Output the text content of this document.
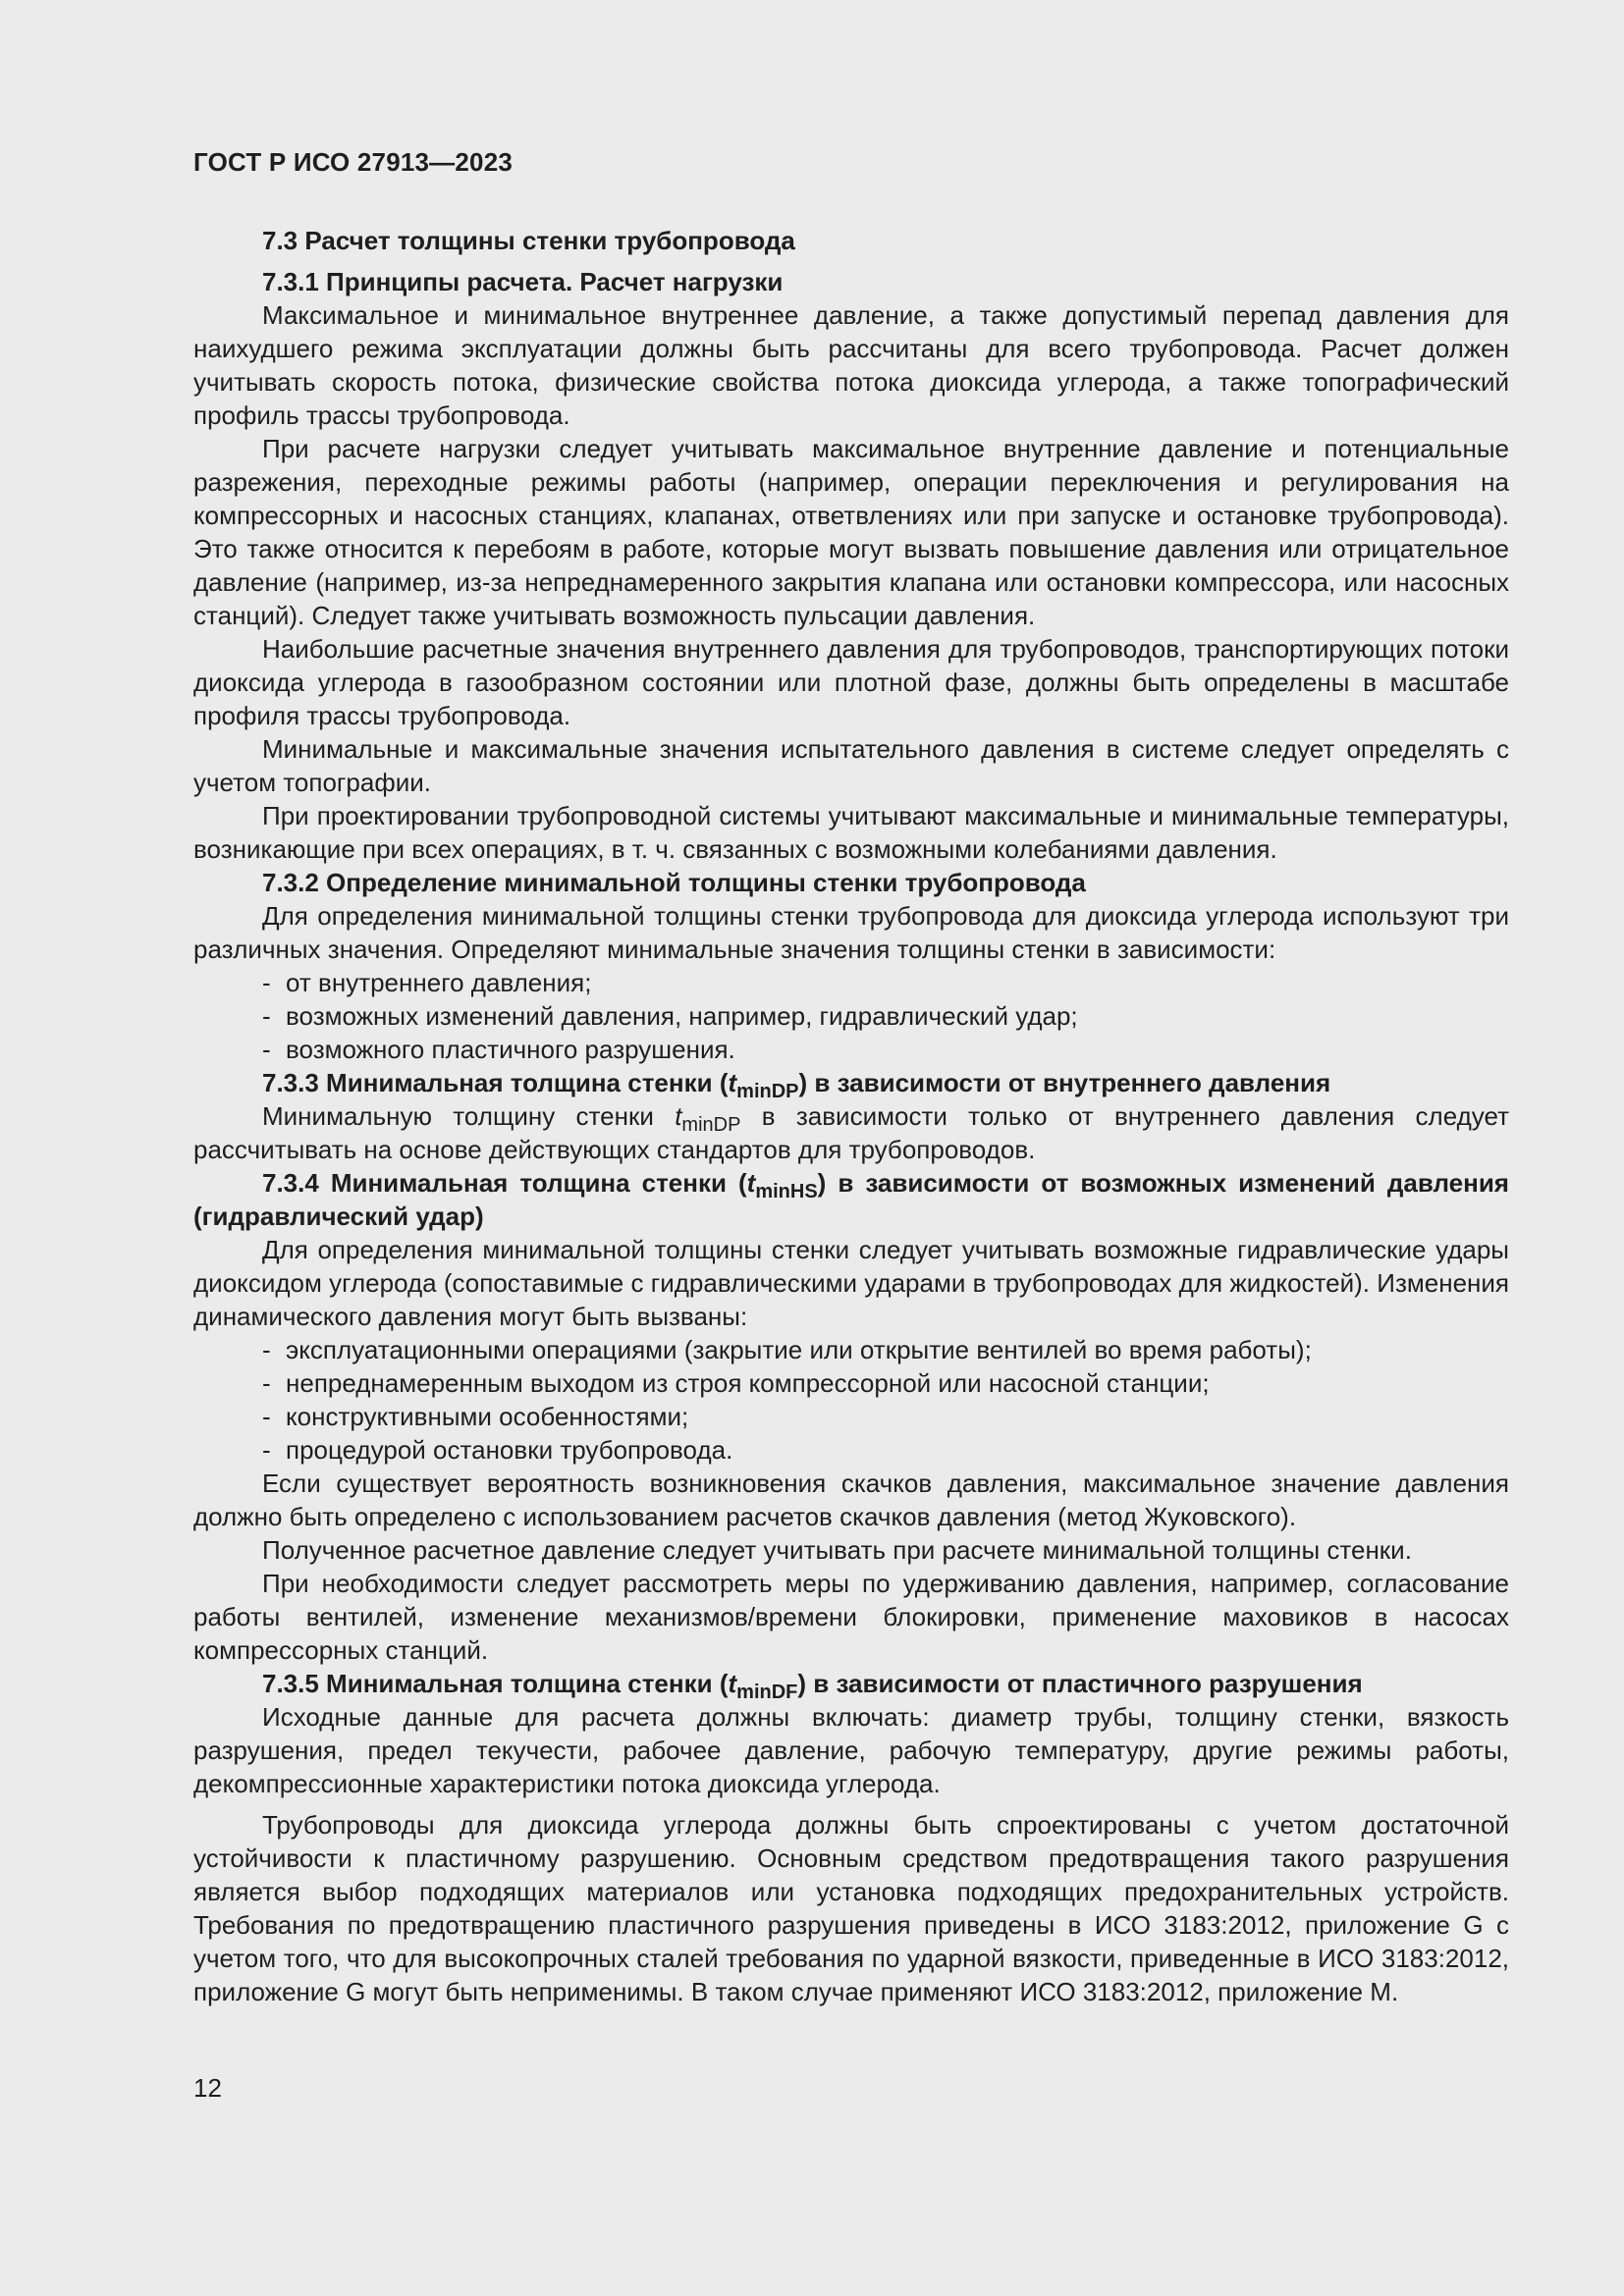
ГОСТ Р ИСО 27913—2023

7.3 Расчет толщины стенки трубопровода

7.3.1 Принципы расчета. Расчет нагрузки

Максимальное и минимальное внутреннее давление, а также допустимый перепад давления для наихудшего режима эксплуатации должны быть рассчитаны для всего трубопровода. Расчет должен учитывать скорость потока, физические свойства потока диоксида углерода, а также топографический профиль трассы трубопровода.

При расчете нагрузки следует учитывать максимальное внутренние давление и потенциальные разрежения, переходные режимы работы (например, операции переключения и регулирования на компрессорных и насосных станциях, клапанах, ответвлениях или при запуске и остановке трубопровода). Это также относится к перебоям в работе, которые могут вызвать повышение давления или отрицательное давление (например, из-за непреднамеренного закрытия клапана или остановки компрессора, или насосных станций). Следует также учитывать возможность пульсации давления.

Наибольшие расчетные значения внутреннего давления для трубопроводов, транспортирующих потоки диоксида углерода в газообразном состоянии или плотной фазе, должны быть определены в масштабе профиля трассы трубопровода.

Минимальные и максимальные значения испытательного давления в системе следует определять с учетом топографии.

При проектировании трубопроводной системы учитывают максимальные и минимальные температуры, возникающие при всех операциях, в т. ч. связанных с возможными колебаниями давления.

7.3.2 Определение минимальной толщины стенки трубопровода

Для определения минимальной толщины стенки трубопровода для диоксида углерода используют три различных значения. Определяют минимальные значения толщины стенки в зависимости:

- от внутреннего давления;

- возможных изменений давления, например, гидравлический удар;

- возможного пластичного разрушения.

7.3.3 Минимальная толщина стенки $(t_{minDP})$ в зависимости от внутреннего давления

Минимальную толщину стенки $t_{minDP}$ в зависимости только от внутреннего давления следует рассчитывать на основе действующих стандартов для трубопроводов.

7.3.4 Минимальная толщина стенки $(t_{minHS})$ в зависимости от возможных изменений давления (гидравлический удар)

Для определения минимальной толщины стенки следует учитывать возможные гидравлические удары диоксидом углерода (сопоставимые с гидравлическими ударами в трубопроводах для жидкостей). Изменения динамического давления могут быть вызваны:

- эксплуатационными операциями (закрытие или открытие вентилей во время работы);

- непреднамеренным выходом из строя компрессорной или насосной станции;

- конструктивными особенностями;

- процедурой остановки трубопровода.

Если существует вероятность возникновения скачков давления, максимальное значение давления должно быть определено с использованием расчетов скачков давления (метод Жуковского).

Полученное расчетное давление следует учитывать при расчете минимальной толщины стенки.

При необходимости следует рассмотреть меры по удерживанию давления, например, согласование работы вентилей, изменение механизмов/времени блокировки, применение маховиков в насосах компрессорных станций.

7.3.5 Минимальная толщина стенки $(t_{minDF})$ в зависимости от пластичного разрушения

Исходные данные для расчета должны включать: диаметр трубы, толщину стенки, вязкость разрушения, предел текучести, рабочее давление, рабочую температуру, другие режимы работы, декомпрессионные характеристики потока диоксида углерода.

Трубопроводы для диоксида углерода должны быть спроектированы с учетом достаточной устойчивости к пластичному разрушению. Основным средством предотвращения такого разрушения является выбор подходящих материалов или установка подходящих предохранительных устройств. Требования по предотвращению пластичного разрушения приведены в ИСО 3183:2012, приложение G с учетом того, что для высокопрочных сталей требования по ударной вязкости, приведенные в ИСО 3183:2012, приложение G могут быть неприменимы. В таком случае применяют ИСО 3183:2012, приложение M.

12
